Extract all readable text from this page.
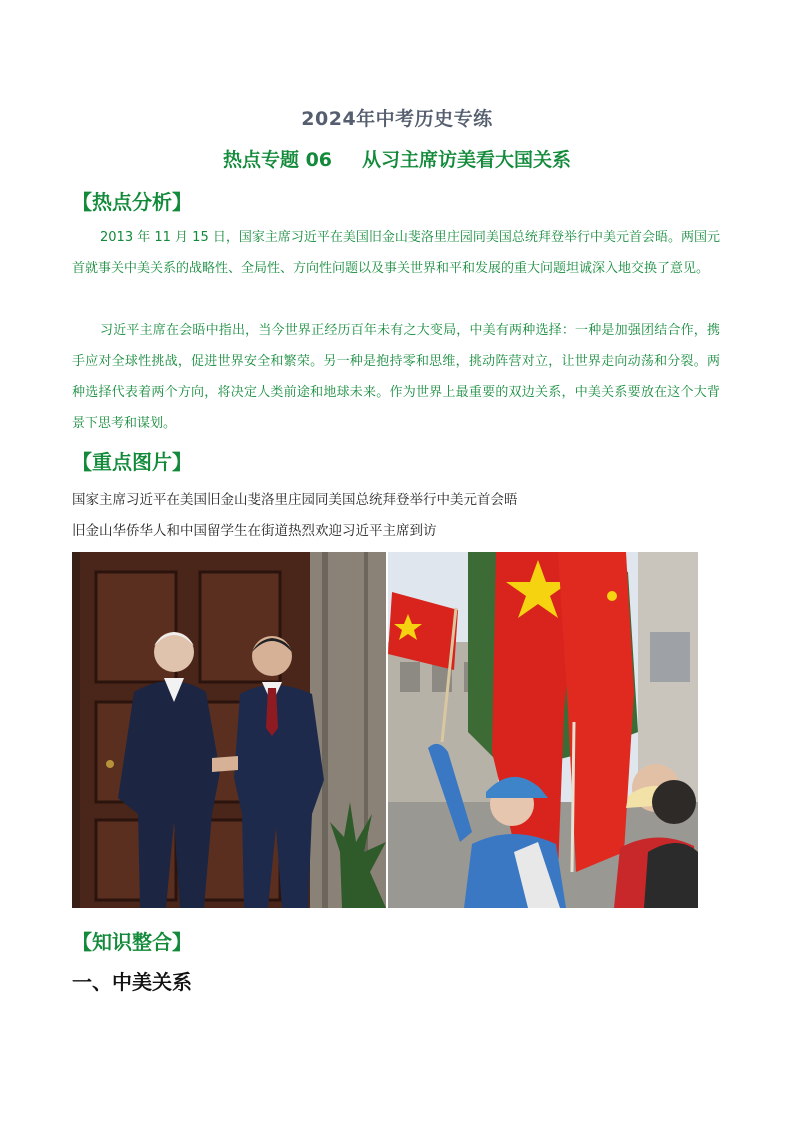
2024年中考历史专练
热点专题 06 从习主席访美看大国关系
【热点分析】

2013 年 11 月 15 日，国家主席习近平在美国旧金山斐洛里庄园同美国总统拜登举行中美元首会晤。两国元首就事关中美关系的战略性、全局性、方向性问题以及事关世界和平和发展的重大问题坦诚深入地交换了意见。

习近平主席在会晤中指出，当今世界正经历百年未有之大变局，中美有两种选择：一种是加强团结合作，携手应对全球性挑战，促进世界安全和繁荣。另一种是抱持零和思维，挑动阵营对立，让世界走向动荡和分裂。两种选择代表着两个方向，将决定人类前途和地球未来。作为世界上最重要的双边关系，中美关系要放在这个大背景下思考和谋划。

【重点图片】
国家主席习近平在美国旧金山斐洛里庄园同美国总统拜登举行中美元首会晤
旧金山华侨华人和中国留学生在街道热烈欢迎习近平主席到访
【知识整合】
一、中美关系
